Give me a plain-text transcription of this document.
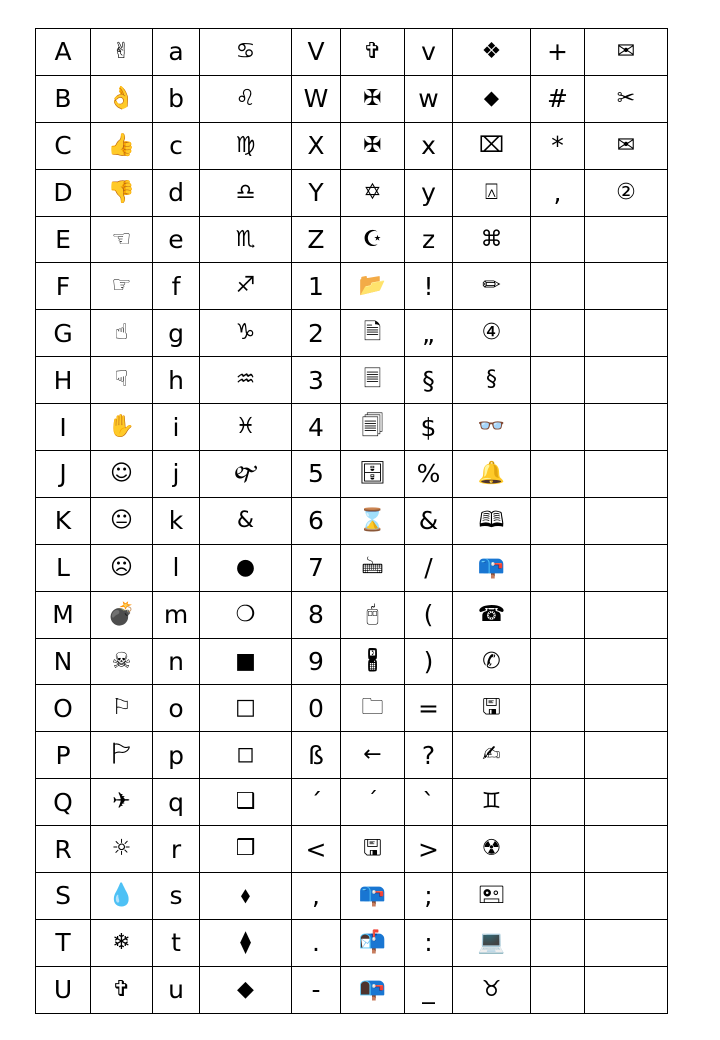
A	✌	a	♋	V	✞	v	❖	+	✉
B	👌	b	♌	W	✠	w	⬥	#	✂
C	👍	c	♍	X	✠	x	⌧	*	✉
D	👎	d	♎	Y	✡	y	⍓	,	②
E	☜	e	♏	Z	☪	z	⌘		
F	☞	f	♐	1	📂	!	✏		
G	☝	g	♑	2	🗎	„	④		
H	☟	h	♒	3	🗏	§	§		
I	✋	i	♓	4	🗐	$	👓		
J	☺	j	🙰	5	🗄	%	🔔		
K	😐	k	&	6	⌛	&	🕮		
L	☹	l	●	7	🖮	/	📪		
M	💣	m	❍	8	🖰	(	☎		
N	☠	n	■	9	🖁	)	✆		
O	⚐	o	□	0	🗀	=	🖫		
P	🏱	p	◻	ß	←	?	✍		
Q	✈	q	❑	´	ˊ	`	♊		
R	☼	r	❒	<	🖫	>	☢		
S	💧	s	⬧	,	📪	;	🖭		
T	❄	t	⧫	.	📬	:	💻		
U	✞	u	◆	-	📭	_	♉		
